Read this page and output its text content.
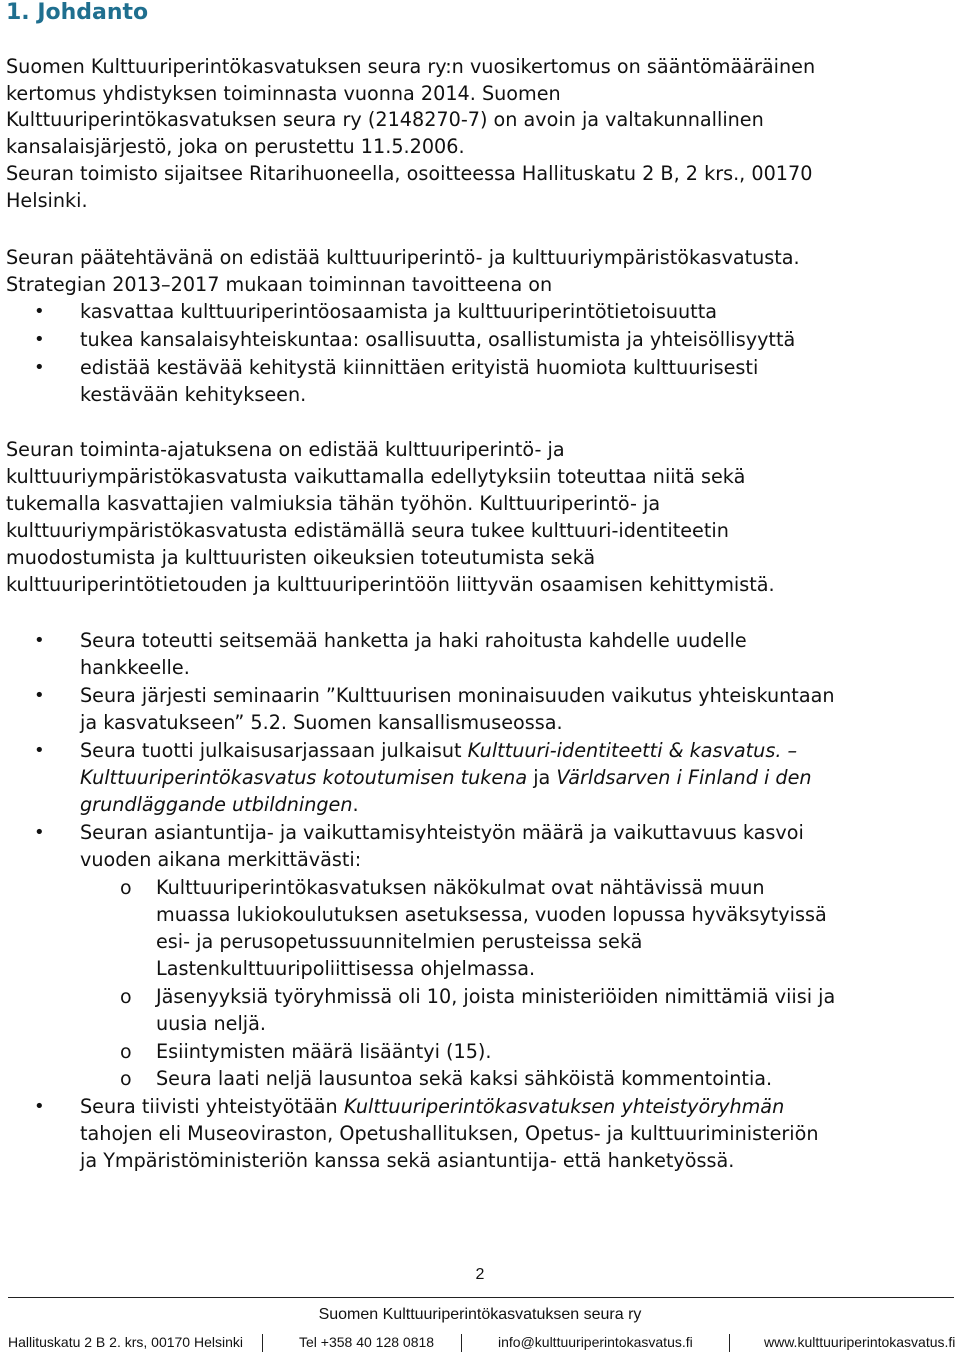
1. Johdanto
Suomen Kulttuuriperintökasvatuksen seura ry:n vuosikertomus on sääntömääräinen
kertomus yhdistyksen toiminnasta vuonna 2014. Suomen
Kulttuuriperintökasvatuksen seura ry (2148270-7) on avoin ja valtakunnallinen
kansalaisjärjestö, joka on perustettu 11.5.2006.
Seuran toimisto sijaitsee Ritarihuoneella, osoitteessa Hallituskatu 2 B, 2 krs., 00170
Helsinki.
Seuran päätehtävänä on edistää kulttuuriperintö- ja kulttuuriympäristökasvatusta.
Strategian 2013–2017 mukaan toiminnan tavoitteena on
• kasvattaa kulttuuriperintöosaamista ja kulttuuriperintötietoisuutta
• tukea kansalaisyhteiskuntaa: osallisuutta, osallistumista ja yhteisöllisyyttä
• edistää kestävää kehitystä kiinnittäen erityistä huomiota kulttuurisesti
kestävään kehitykseen.
Seuran toiminta-ajatuksena on edistää kulttuuriperintö- ja
kulttuuriympäristökasvatusta vaikuttamalla edellytyksiin toteuttaa niitä sekä
tukemalla kasvattajien valmiuksia tähän työhön. Kulttuuriperintö- ja
kulttuuriympäristökasvatusta edistämällä seura tukee kulttuuri-identiteetin
muodostumista ja kulttuuristen oikeuksien toteutumista sekä
kulttuuriperintötietouden ja kulttuuriperintöön liittyvän osaamisen kehittymistä.
• Seura toteutti seitsemää hanketta ja haki rahoitusta kahdelle uudelle
hankkeelle.
• Seura järjesti seminaarin ”Kulttuurisen moninaisuuden vaikutus yhteiskuntaan
ja kasvatukseen” 5.2. Suomen kansallismuseossa.
• Seura tuotti julkaisusarjassaan julkaisut Kulttuuri-identiteetti & kasvatus. –
Kulttuuriperintökasvatus kotoutumisen tukena ja Världsarven i Finland i den
grundläggande utbildningen.
• Seuran asiantuntija- ja vaikuttamisyhteistyön määrä ja vaikuttavuus kasvoi
vuoden aikana merkittävästi:
o Kulttuuriperintökasvatuksen näkökulmat ovat nähtävissä muun
muassa lukiokoulutuksen asetuksessa, vuoden lopussa hyväksytyissä
esi- ja perusopetussuunnitelmien perusteissa sekä
Lastenkulttuuripoliittisessa ohjelmassa.
o Jäsenyyksiä työryhmissä oli 10, joista ministeriöiden nimittämiä viisi ja
uusia neljä.
o Esiintymisten määrä lisääntyi (15).
o Seura laati neljä lausuntoa sekä kaksi sähköistä kommentointia.
• Seura tiivisti yhteistyötään Kulttuuriperintökasvatuksen yhteistyöryhmän
tahojen eli Museoviraston, Opetushallituksen, Opetus- ja kulttuuriministeriön
ja Ympäristöministeriön kanssa sekä asiantuntija- että hanketyössä.
2
Suomen Kulttuuriperintökasvatuksen seura ry
Hallituskatu 2 B 2. krs, 00170 Helsinki	Tel +358 40 128 0818	info@kulttuuriperintokasvatus.fi	www.kulttuuriperintokasvatus.fi
